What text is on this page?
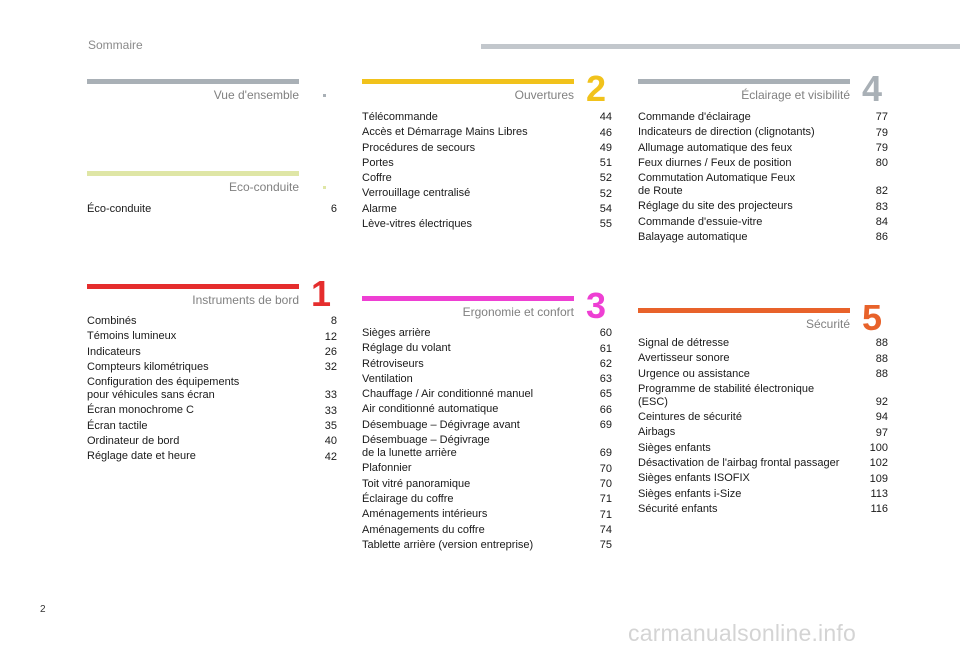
Sommaire
Vue d'ensemble
Eco-conduite
Éco-conduite	6
Instruments de bord 1
Combinés	8
Témoins lumineux	12
Indicateurs	26
Compteurs kilométriques	32
Configuration des équipements
pour véhicules sans écran	33
Écran monochrome C	33
Écran tactile	35
Ordinateur de bord	40
Réglage date et heure	42
Ouvertures 2
Télécommande	44
Accès et Démarrage Mains Libres	46
Procédures de secours	49
Portes	51
Coffre	52
Verrouillage centralisé	52
Alarme	54
Lève-vitres électriques	55
Ergonomie et confort 3
Sièges arrière	60
Réglage du volant	61
Rétroviseurs	62
Ventilation	63
Chauffage / Air conditionné manuel	65
Air conditionné automatique	66
Désembuage – Dégivrage avant	69
Désembuage – Dégivrage
de la lunette arrière	69
Plafonnier	70
Toit vitré panoramique	70
Éclairage du coffre	71
Aménagements intérieurs	71
Aménagements du coffre	74
Tablette arrière (version entreprise)	75
Éclairage et visibilité 4
Commande d'éclairage	77
Indicateurs de direction (clignotants)	79
Allumage automatique des feux	79
Feux diurnes / Feux de position	80
Commutation Automatique Feux
de Route	82
Réglage du site des projecteurs	83
Commande d'essuie-vitre	84
Balayage automatique	86
Sécurité 5
Signal de détresse	88
Avertisseur sonore	88
Urgence ou assistance	88
Programme de stabilité électronique
(ESC)	92
Ceintures de sécurité	94
Airbags	97
Sièges enfants	100
Désactivation de l'airbag frontal passager	102
Sièges enfants ISOFIX	109
Sièges enfants i-Size	113
Sécurité enfants	116
2
carmanualsonline.info
